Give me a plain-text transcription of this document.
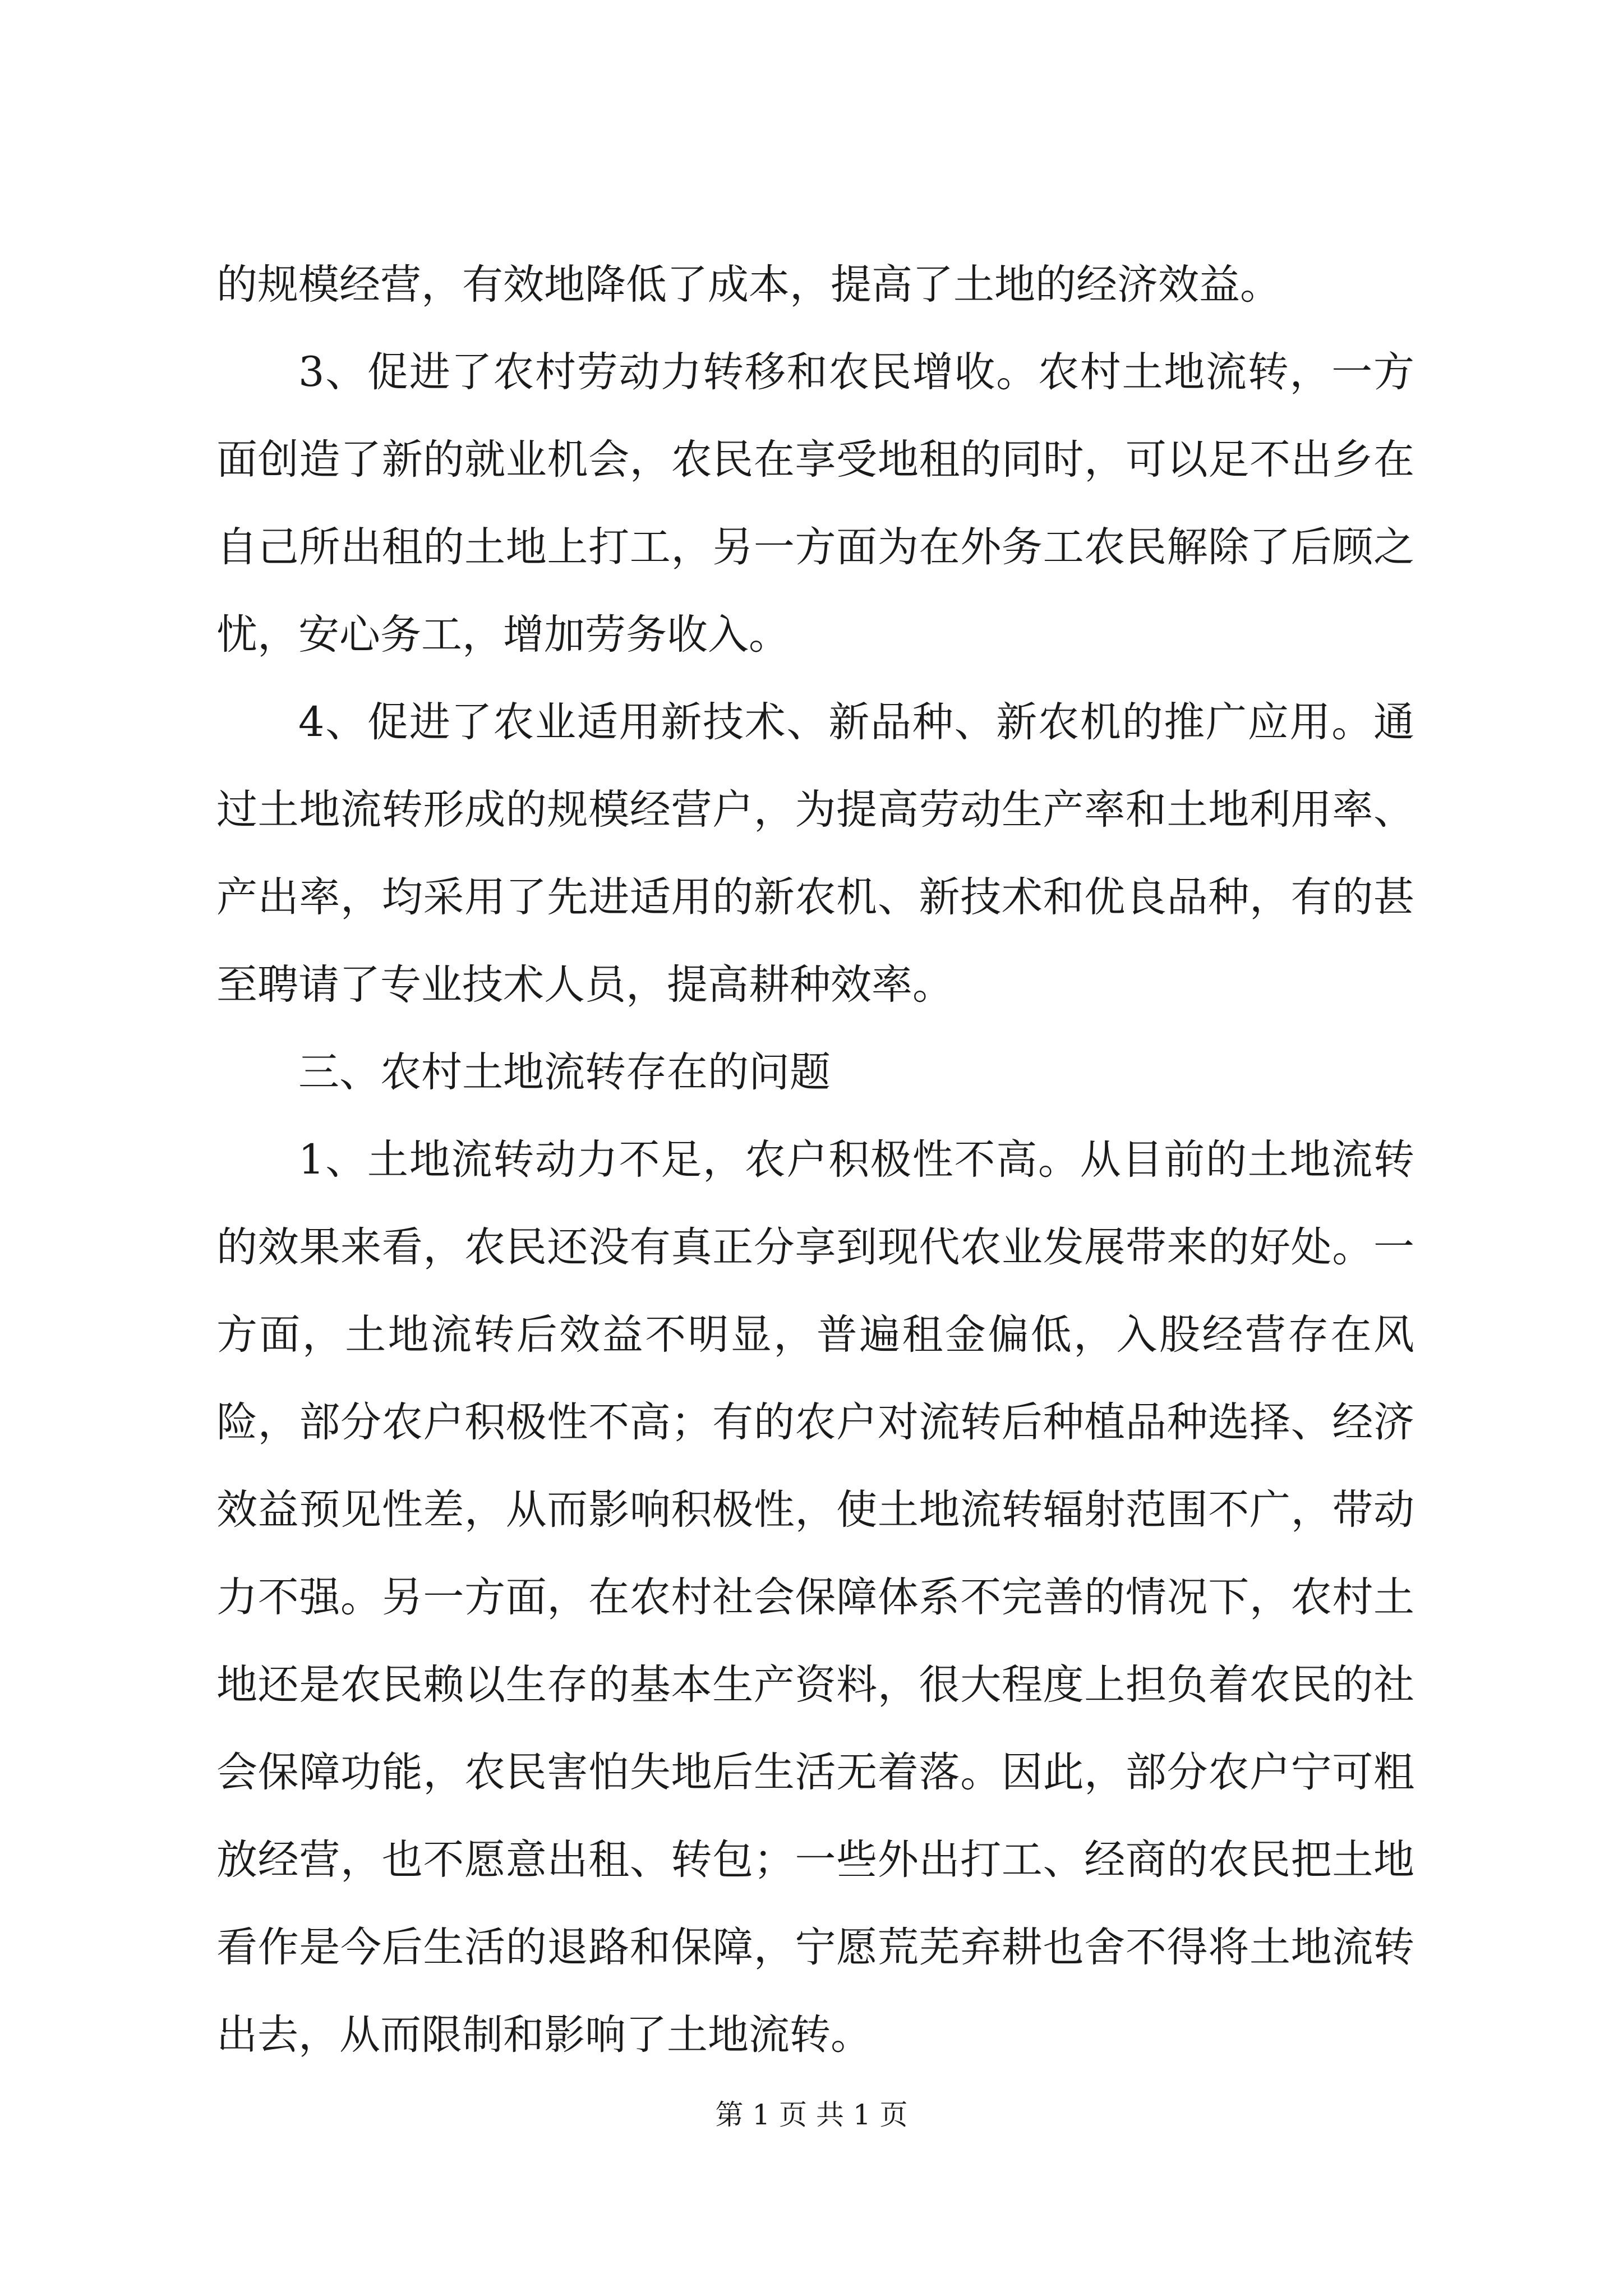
的规模经营，有效地降低了成本，提高了土地的经济效益。

3、促进了农村劳动力转移和农民增收。农村土地流转，一方面创造了新的就业机会，农民在享受地租的同时，可以足不出乡在自己所出租的土地上打工，另一方面为在外务工农民解除了后顾之忧，安心务工，增加劳务收入。

4、促进了农业适用新技术、新品种、新农机的推广应用。通过土地流转形成的规模经营户，为提高劳动生产率和土地利用率、产出率，均采用了先进适用的新农机、新技术和优良品种，有的甚至聘请了专业技术人员，提高耕种效率。

三、农村土地流转存在的问题

1、土地流转动力不足，农户积极性不高。从目前的土地流转的效果来看，农民还没有真正分享到现代农业发展带来的好处。一方面，土地流转后效益不明显，普遍租金偏低，入股经营存在风险，部分农户积极性不高；有的农户对流转后种植品种选择、经济效益预见性差，从而影响积极性，使土地流转辐射范围不广，带动力不强。另一方面，在农村社会保障体系不完善的情况下，农村土地还是农民赖以生存的基本生产资料，很大程度上担负着农民的社会保障功能，农民害怕失地后生活无着落。因此，部分农户宁可粗放经营，也不愿意出租、转包；一些外出打工、经商的农民把土地看作是今后生活的退路和保障，宁愿荒芜弃耕也舍不得将土地流转出去，从而限制和影响了土地流转。

第 1 页 共 1 页
